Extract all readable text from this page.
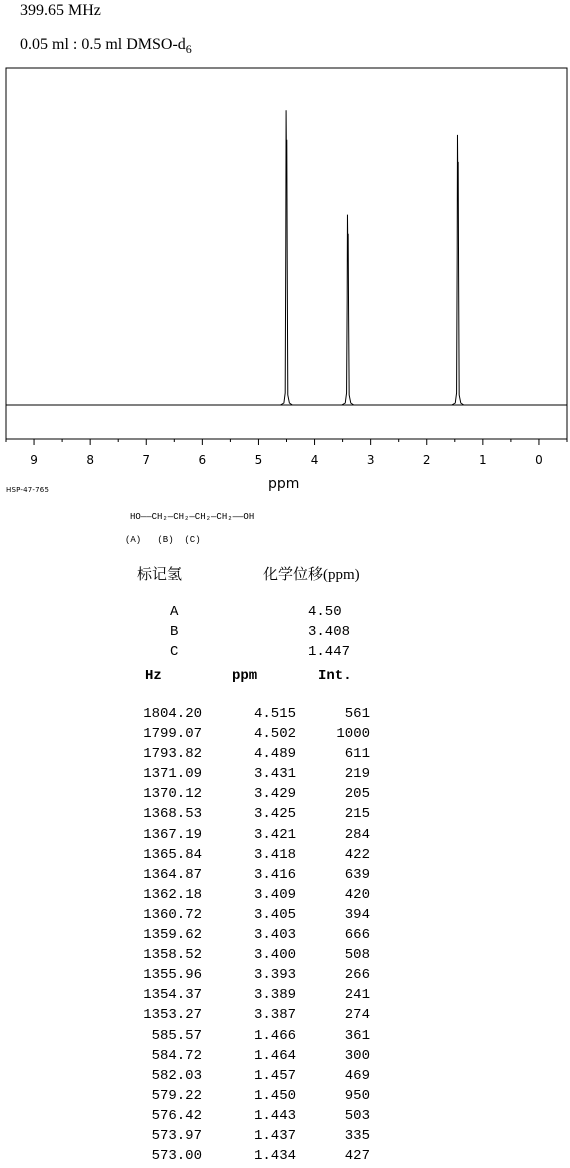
399.65 MHz
0.05 ml : 0.5 ml DMSO-$d_6$
9	8	7	6	5	4	3	2	1	0
ppm
HSP-47-765
HO——CH₂—CH₂—CH₂—CH₂——OH
(A)   (B)  (C)
标记氢	化学位移(ppm)
A	4.50
B	3.408
C	1.447
Hz	ppm	Int.
1804.20	4.515	561
1799.07	4.502	1000
1793.82	4.489	611
1371.09	3.431	219
1370.12	3.429	205
1368.53	3.425	215
1367.19	3.421	284
1365.84	3.418	422
1364.87	3.416	639
1362.18	3.409	420
1360.72	3.405	394
1359.62	3.403	666
1358.52	3.400	508
1355.96	3.393	266
1354.37	3.389	241
1353.27	3.387	274
585.57	1.466	361
584.72	1.464	300
582.03	1.457	469
579.22	1.450	950
576.42	1.443	503
573.97	1.437	335
573.00	1.434	427
